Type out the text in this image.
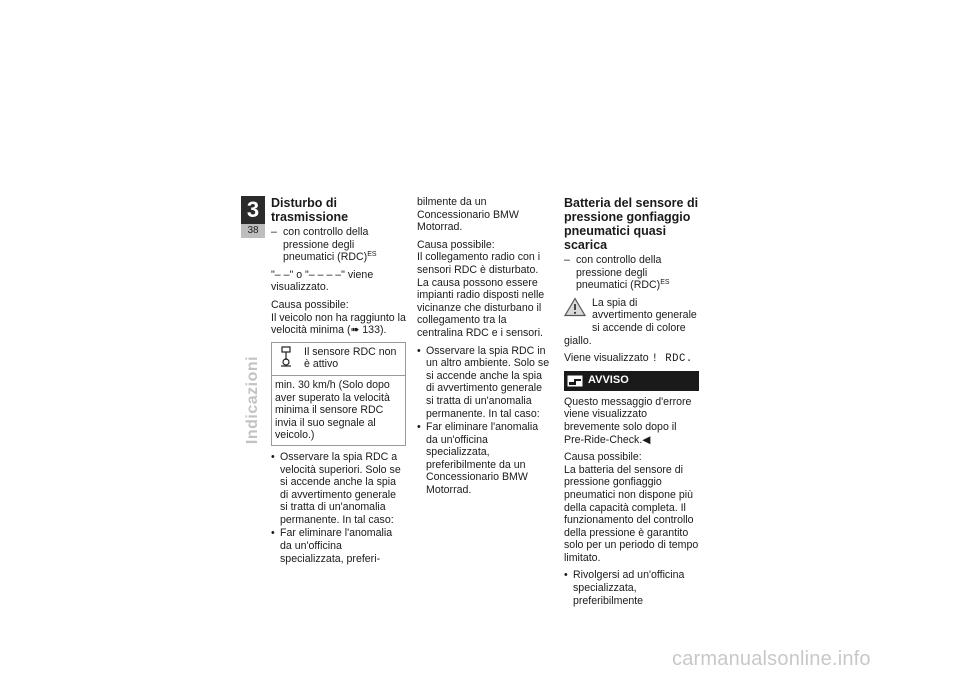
3
38
Indicazioni
Disturbo di trasmissione
– con controllo della pressione degli pneumatici (RDC)$^{ES}$

"– –" o "– – – –" viene visualizzato.

Causa possibile:

Il veicolo non ha raggiunto la velocità minima (➠ 133).

Il sensore RDC non è attivo
min. 30 km/h (Solo dopo aver superato la velocità minima il sensore RDC invia il suo segnale al veicolo.)
• Osservare la spia RDC a velocità superiori. Solo se si accende anche la spia di avvertimento generale si tratta di un'anomalia permanente. In tal caso:
• Far eliminare l'anomalia da un'officina specializzata, preferi-

bilmente da un Concessionario BMW Motorrad.

Causa possibile:

Il collegamento radio con i sensori RDC è disturbato. La causa possono essere impianti radio disposti nelle vicinanze che disturbano il collegamento tra la centralina RDC e i sensori.

• Osservare la spia RDC in un altro ambiente. Solo se si accende anche la spia di avvertimento generale si tratta di un'anomalia permanente. In tal caso:
• Far eliminare l'anomalia da un'officina specializzata, preferibilmente da un Concessionario BMW Motorrad.
Batteria del sensore di pressione gonfiaggio pneumatici quasi scarica
– con controllo della pressione degli pneumatici (RDC)$^{ES}$
La spia di avvertimento generale si accende di colore

giallo.

Viene visualizzato ! RDC.

AVVISO

Questo messaggio d'errore viene visualizzato brevemente solo dopo il Pre-Ride-Check.◀

Causa possibile:

La batteria del sensore di pressione gonfiaggio pneumatici non dispone più della capacità completa. Il funzionamento del controllo della pressione è garantito solo per un periodo di tempo limitato.

• Rivolgersi ad un'officina specializzata, preferibilmente
carmanualsonline.info
